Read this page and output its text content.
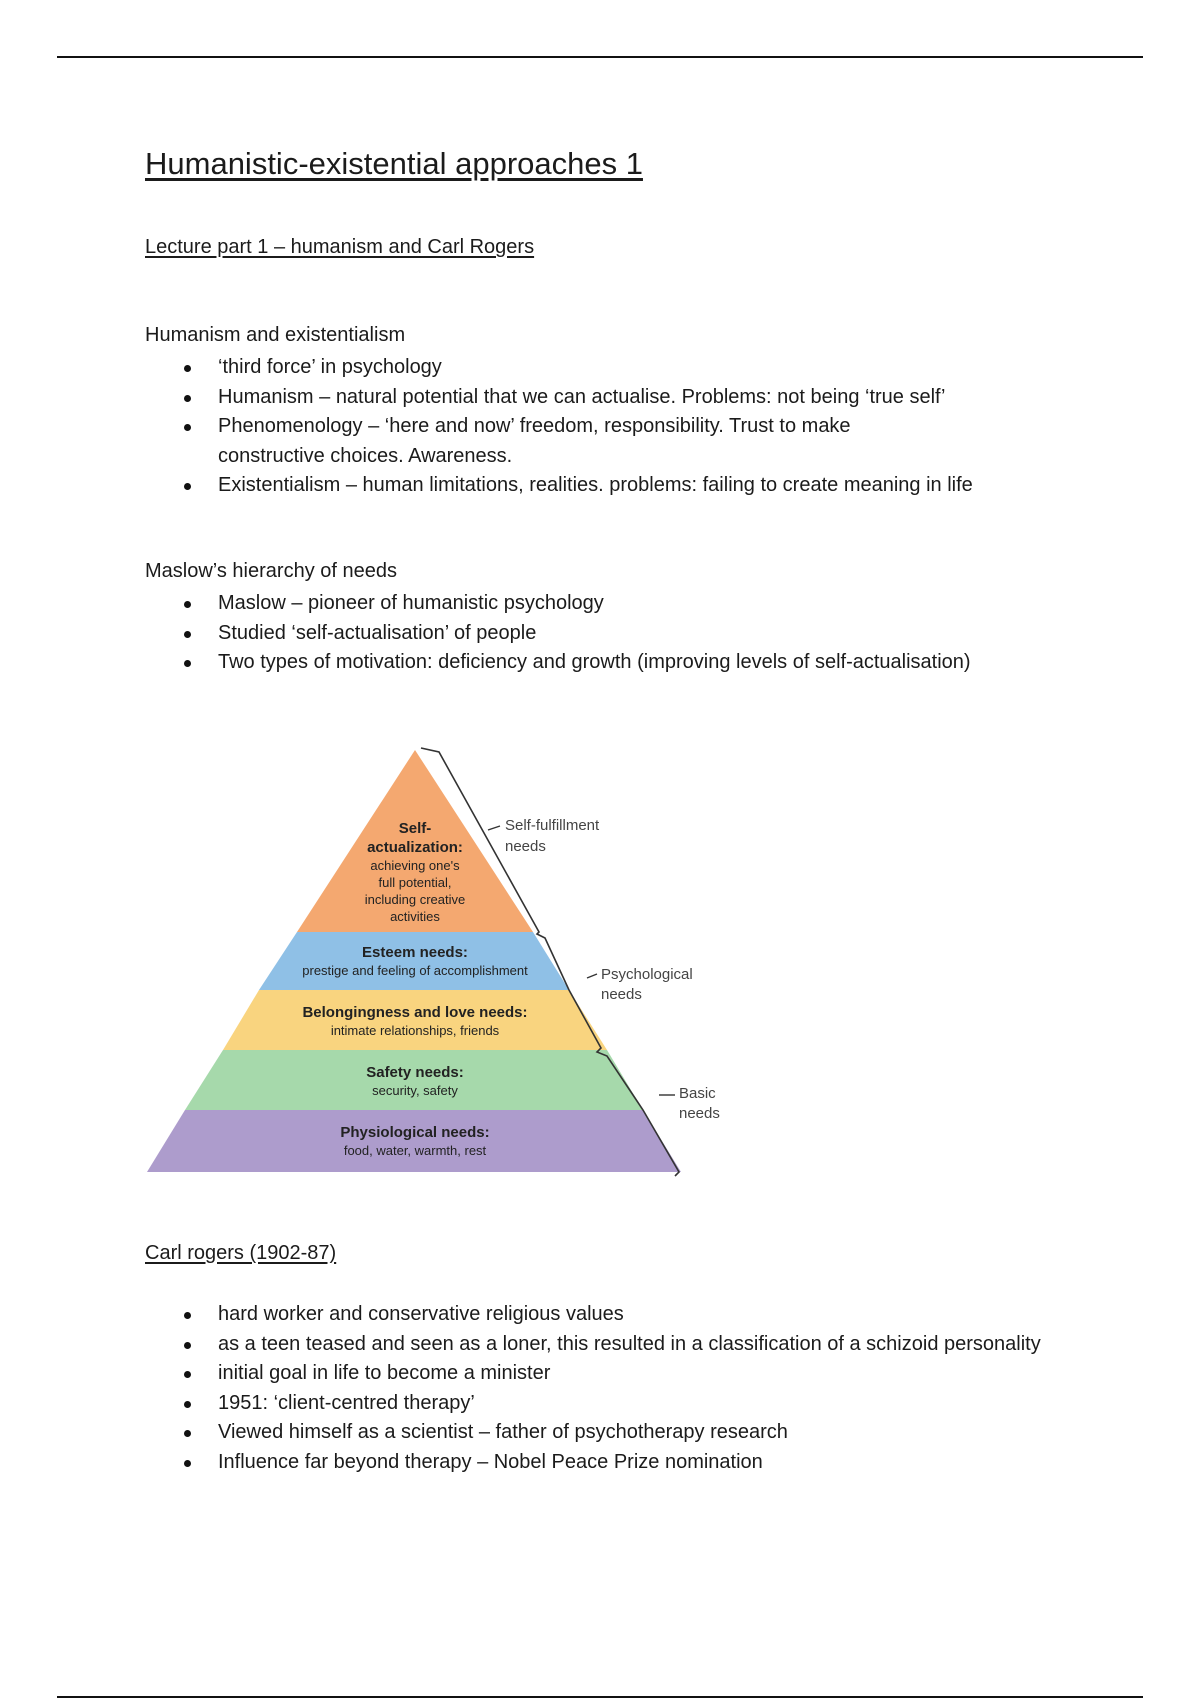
Humanistic-existential approaches 1
Lecture part 1 – humanism and Carl Rogers
Humanism and existentialism
‘third force’ in psychology
Humanism – natural potential that we can actualise. Problems: not being ‘true self’
Phenomenology – ‘here and now’ freedom, responsibility. Trust to make constructive choices. Awareness.
Existentialism – human limitations, realities. problems: failing to create meaning in life
Maslow’s hierarchy of needs
Maslow – pioneer of humanistic psychology
Studied ‘self-actualisation’ of people
Two types of motivation: deficiency and growth (improving levels of self-actualisation)
Self-
actualization:
achieving one's
full potential,
including creative
activities
Esteem needs:
prestige and feeling of accomplishment
Belongingness and love needs:
intimate relationships, friends
Safety needs:
security, safety
Physiological needs:
food, water, warmth, rest
Self-fulfillment
needs
Psychological
needs
Basic
needs
Carl rogers (1902-87)
hard worker and conservative religious values
as a teen teased and seen as a loner, this resulted in a classification of a schizoid personality
initial goal in life to become a minister
1951: ‘client-centred therapy’
Viewed himself as a scientist – father of psychotherapy research
Influence far beyond therapy – Nobel Peace Prize nomination
